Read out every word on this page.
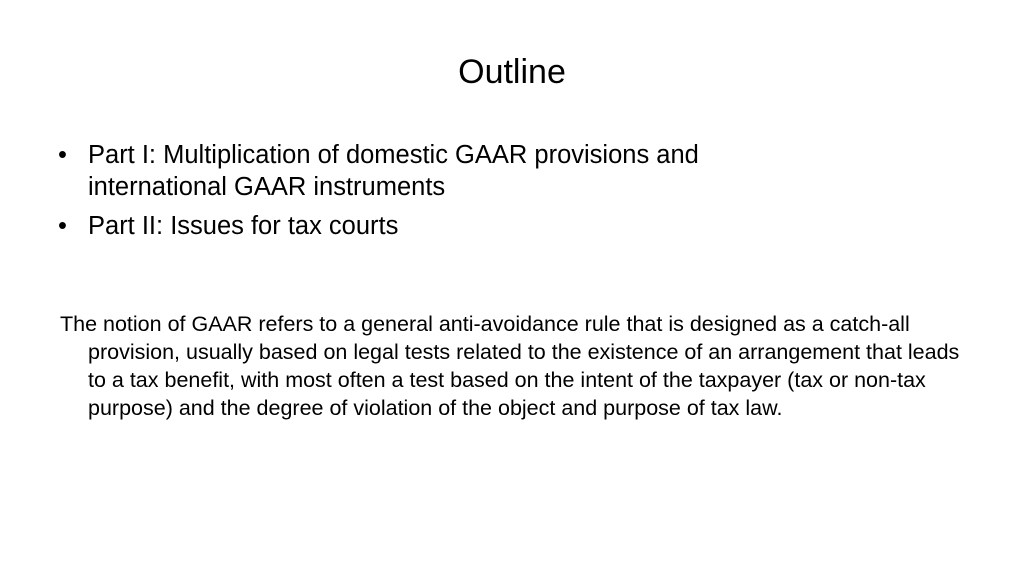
Outline
• Part I: Multiplication of domestic GAAR provisions and international GAAR instruments
• Part II: Issues for tax courts

The notion of GAAR refers to a general anti-avoidance rule that is designed as a catch-all provision, usually based on legal tests related to the existence of an arrangement that leads to a tax benefit, with most often a test based on the intent of the taxpayer (tax or non-tax purpose) and the degree of violation of the object and purpose of tax law.
